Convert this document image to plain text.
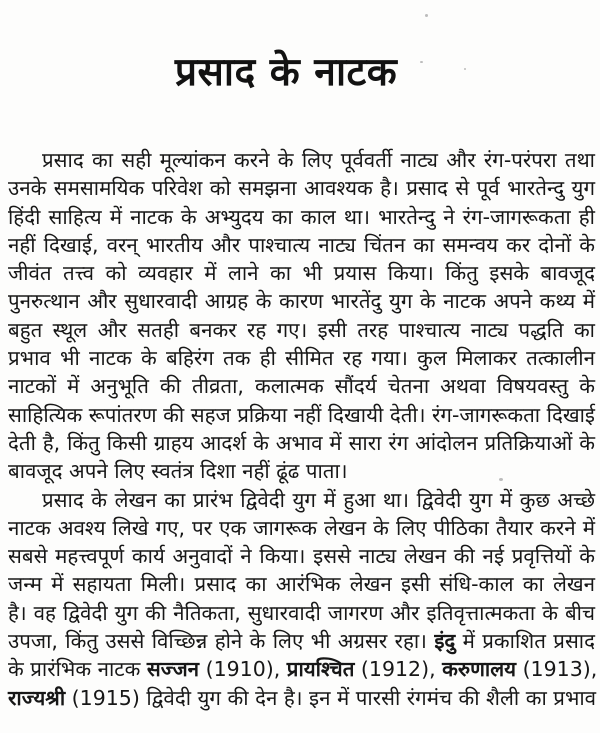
प्रसाद के नाटक
प्रसाद का सही मूल्यांकन करने के लिए पूर्ववर्ती नाट्य और रंग-परंपरा तथा
उनके समसामयिक परिवेश को समझना आवश्यक है। प्रसाद से पूर्व भारतेन्दु युग
हिंदी साहित्य में नाटक के अभ्युदय का काल था। भारतेन्दु ने रंग-जागरूकता ही
नहीं दिखाई, वरन् भारतीय और पाश्चात्य नाट्य चिंतन का समन्वय कर दोनों के
जीवंत तत्त्व को व्यवहार में लाने का भी प्रयास किया। किंतु इसके बावजूद
पुनरुत्थान और सुधारवादी आग्रह के कारण भारतेंदु युग के नाटक अपने कथ्य में
बहुत स्थूल और सतही बनकर रह गए। इसी तरह पाश्चात्य नाट्य पद्धति का
प्रभाव भी नाटक के बहिरंग तक ही सीमित रह गया। कुल मिलाकर तत्कालीन
नाटकों में अनुभूति की तीव्रता, कलात्मक सौंदर्य चेतना अथवा विषयवस्तु के
साहित्यिक रूपांतरण की सहज प्रक्रिया नहीं दिखायी देती। रंग-जागरूकता दिखाई
देती है, किंतु किसी ग्राहय आदर्श के अभाव में सारा रंग आंदोलन प्रतिक्रियाओं के
बावजूद अपने लिए स्वतंत्र दिशा नहीं ढूंढ पाता।
प्रसाद के लेखन का प्रारंभ द्विवेदी युग में हुआ था। द्विवेदी युग में कुछ अच्छे
नाटक अवश्य लिखे गए, पर एक जागरूक लेखन के लिए पीठिका तैयार करने में
सबसे महत्त्वपूर्ण कार्य अनुवादों ने किया। इससे नाट्य लेखन की नई प्रवृत्तियों के
जन्म में सहायता मिली। प्रसाद का आरंभिक लेखन इसी संधि-काल का लेखन
है। वह द्विवेदी युग की नैतिकता, सुधारवादी जागरण और इतिवृत्तात्मकता के बीच
उपजा, किंतु उससे विच्छिन्न होने के लिए भी अग्रसर रहा। इंदु में प्रकाशित प्रसाद
के प्रारंभिक नाटक सज्जन (1910), प्रायश्चित (1912), करुणालय (1913),
राज्यश्री (1915) द्विवेदी युग की देन है। इन में पारसी रंगमंच की शैली का प्रभाव
